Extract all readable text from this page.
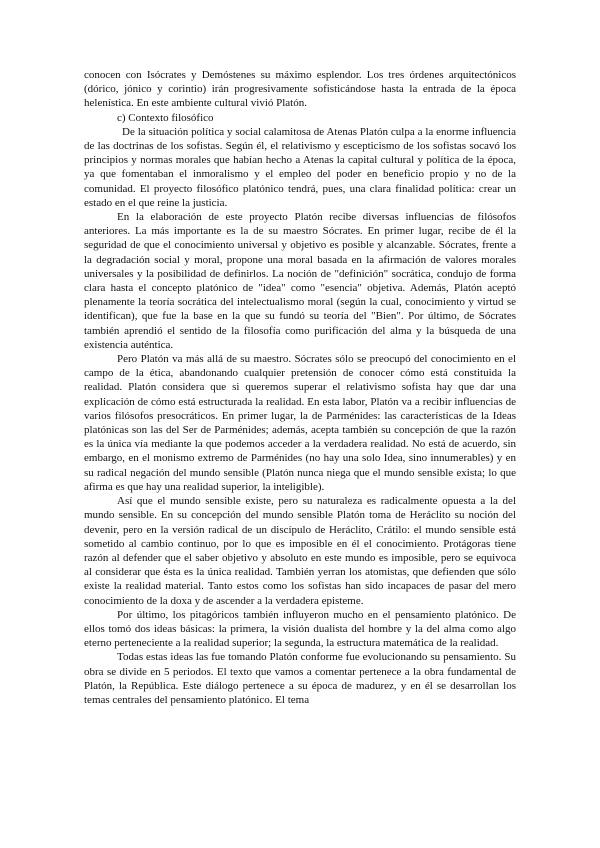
conocen con Isócrates y Demóstenes su máximo esplendor. Los tres órdenes arquitectónicos (dórico, jónico y corintio) irán progresivamente sofisticándose hasta la entrada de la época helenística. En este ambiente cultural vivió Platón.

c) Contexto filosófico

De la situación política y social calamitosa de Atenas Platón culpa a la enorme influencia de las doctrinas de los sofistas. Según él, el relativismo y escepticismo de los sofistas socavó los principios y normas morales que habían hecho a Atenas la capital cultural y política de la época, ya que fomentaban el inmoralismo y el empleo del poder en beneficio propio y no de la comunidad. El proyecto filosófico platónico tendrá, pues, una clara finalidad política: crear un estado en el que reine la justicia.

En la elaboración de este proyecto Platón recibe diversas influencias de filósofos anteriores. La más importante es la de su maestro Sócrates. En primer lugar, recibe de él la seguridad de que el conocimiento universal y objetivo es posible y alcanzable. Sócrates, frente a la degradación social y moral, propone una moral basada en la afirmación de valores morales universales y la posibilidad de definirlos. La noción de "definición" socrática, condujo de forma clara hasta el concepto platónico de "idea" como "esencia" objetiva. Además, Platón aceptó plenamente la teoría socrática del intelectualismo moral (según la cual, conocimiento y virtud se identifican), que fue la base en la que su fundó su teoría del "Bien". Por último, de Sócrates también aprendió el sentido de la filosofía como purificación del alma y la búsqueda de una existencia auténtica.

Pero Platón va más allá de su maestro. Sócrates sólo se preocupó del conocimiento en el campo de la ética, abandonando cualquier pretensión de conocer cómo está constituida la realidad. Platón considera que si queremos superar el relativismo sofista hay que dar una explicación de cómo está estructurada la realidad. En esta labor, Platón va a recibir influencias de varios filósofos presocráticos. En primer lugar, la de Parménides: las características de la Ideas platónicas son las del Ser de Parménides; además, acepta también su concepción de que la razón es la única vía mediante la que podemos acceder a la verdadera realidad. No está de acuerdo, sin embargo, en el monismo extremo de Parménides (no hay una solo Idea, sino innumerables) y en su radical negación del mundo sensible (Platón nunca niega que el mundo sensible exista; lo que afirma es que hay una realidad superior, la inteligible).

Así que el mundo sensible existe, pero su naturaleza es radicalmente opuesta a la del mundo sensible. En su concepción del mundo sensible Platón toma de Heráclito su noción del devenir, pero en la versión radical de un discípulo de Heráclito, Crátilo: el mundo sensible está sometido al cambio continuo, por lo que es imposible en él el conocimiento. Protágoras tiene razón al defender que el saber objetivo y absoluto en este mundo es imposible, pero se equivoca al considerar que ésta es la única realidad. También yerran los atomistas, que defienden que sólo existe la realidad material. Tanto estos como los sofistas han sido incapaces de pasar del mero conocimiento de la doxa y de ascender a la verdadera episteme.

Por último, los pitagóricos también influyeron mucho en el pensamiento platónico. De ellos tomó dos ideas básicas: la primera, la visión dualista del hombre y la del alma como algo eterno perteneciente a la realidad superior; la segunda, la estructura matemática de la realidad.

Todas estas ideas las fue tomando Platón conforme fue evolucionando su pensamiento. Su obra se divide en 5 periodos. El texto que vamos a comentar pertenece a la obra fundamental de Platón, la República. Este diálogo pertenece a su época de madurez, y en él se desarrollan los temas centrales del pensamiento platónico. El tema
